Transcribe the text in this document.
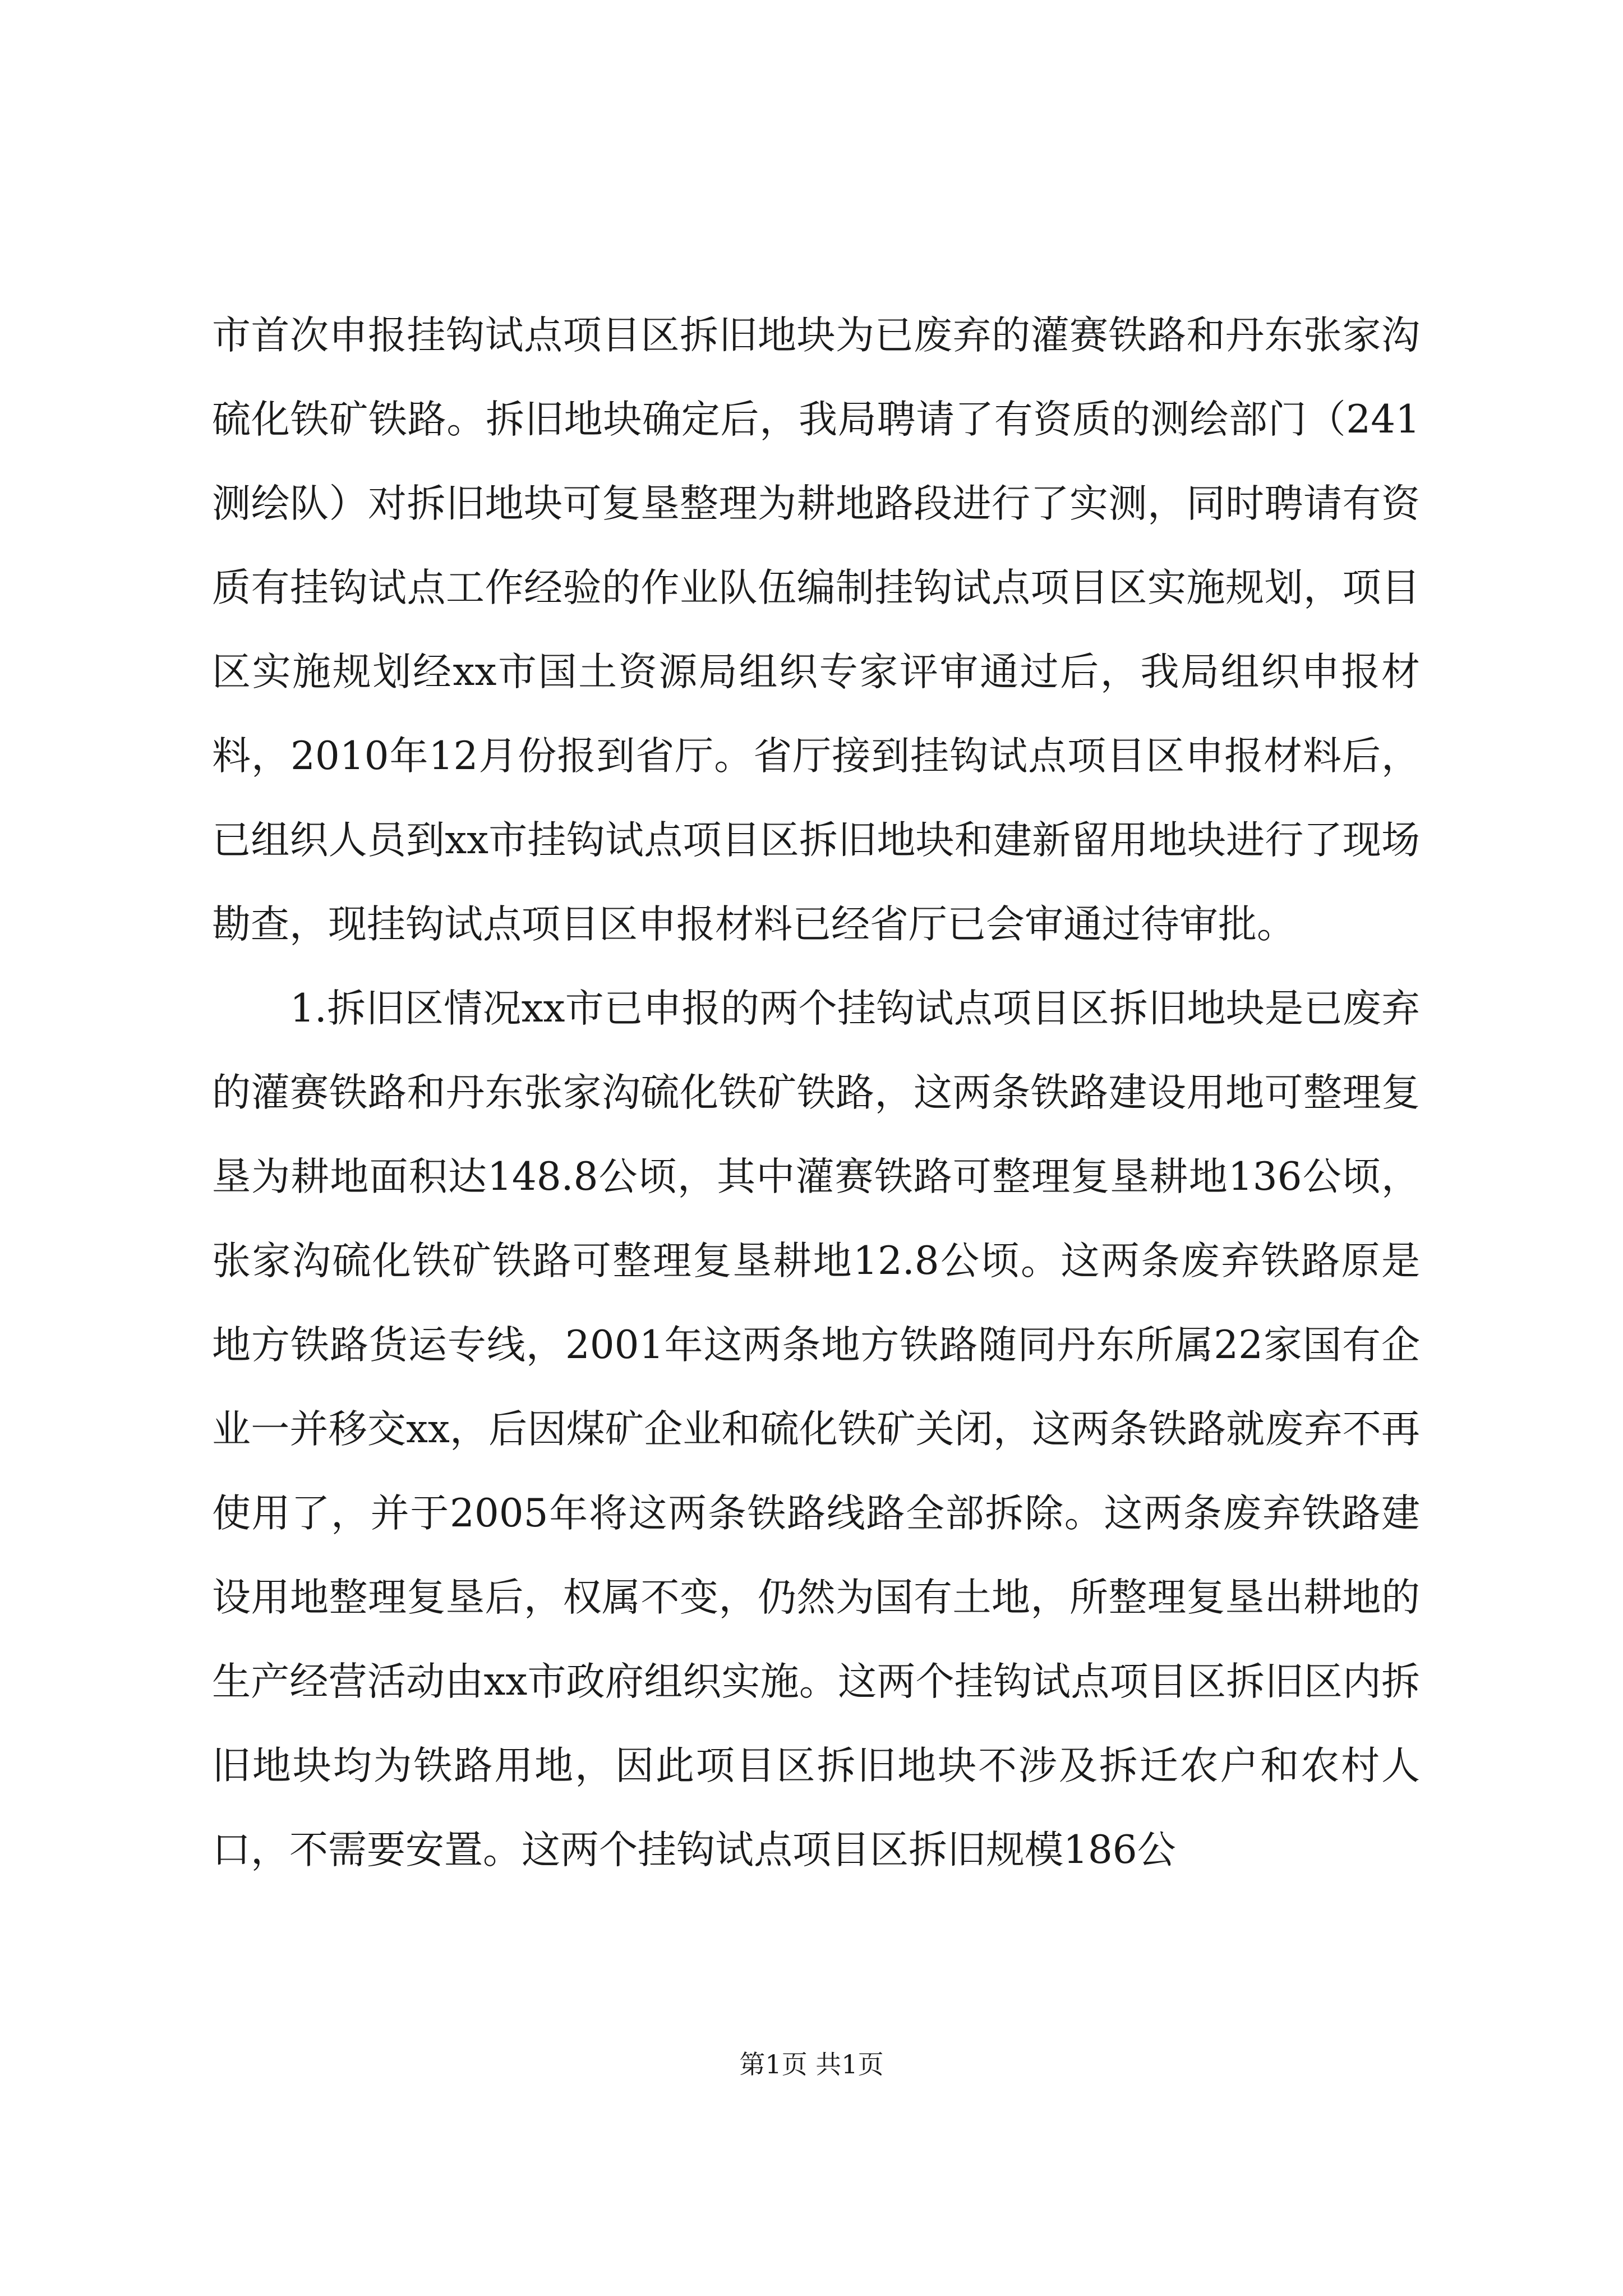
市首次申报挂钩试点项目区拆旧地块为已废弃的灌赛铁路和丹东张家沟硫化铁矿铁路。拆旧地块确定后，我局聘请了有资质的测绘部门（241测绘队）对拆旧地块可复垦整理为耕地路段进行了实测，同时聘请有资质有挂钩试点工作经验的作业队伍编制挂钩试点项目区实施规划，项目区实施规划经xx市国土资源局组织专家评审通过后，我局组织申报材料，2010年12月份报到省厅。省厅接到挂钩试点项目区申报材料后，已组织人员到xx市挂钩试点项目区拆旧地块和建新留用地块进行了现场勘查，现挂钩试点项目区申报材料已经省厅已会审通过待审批。

1.拆旧区情况xx市已申报的两个挂钩试点项目区拆旧地块是已废弃的灌赛铁路和丹东张家沟硫化铁矿铁路，这两条铁路建设用地可整理复垦为耕地面积达148.8公顷，其中灌赛铁路可整理复垦耕地136公顷，张家沟硫化铁矿铁路可整理复垦耕地12.8公顷。这两条废弃铁路原是地方铁路货运专线，2001年这两条地方铁路随同丹东所属22家国有企业一并移交xx，后因煤矿企业和硫化铁矿关闭，这两条铁路就废弃不再使用了，并于2005年将这两条铁路线路全部拆除。这两条废弃铁路建设用地整理复垦后，权属不变，仍然为国有土地，所整理复垦出耕地的生产经营活动由xx市政府组织实施。这两个挂钩试点项目区拆旧区内拆旧地块均为铁路用地，因此项目区拆旧地块不涉及拆迁农户和农村人口，不需要安置。这两个挂钩试点项目区拆旧规模186公

第1页 共1页
